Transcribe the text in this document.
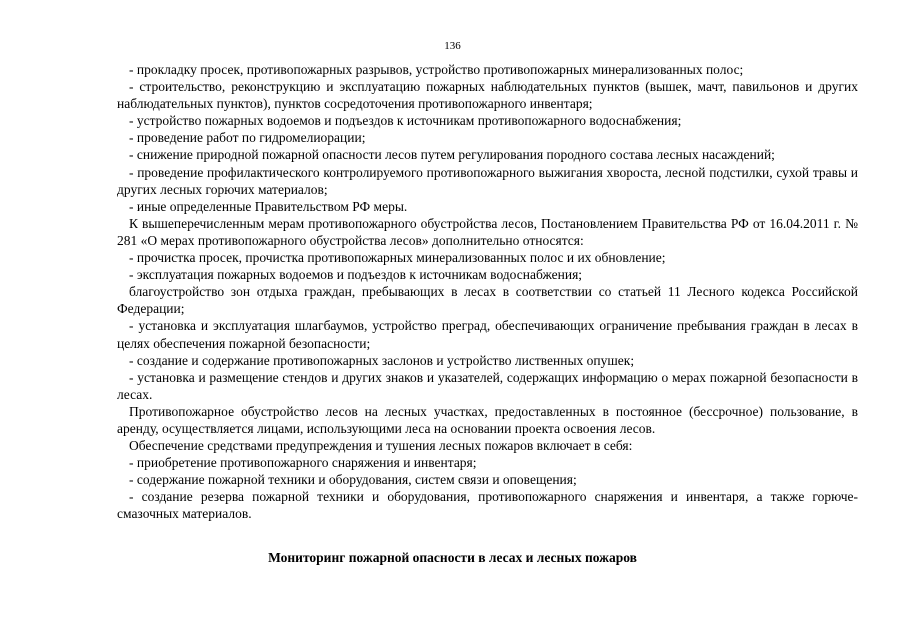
136

- прокладку просек, противопожарных разрывов, устройство противопожарных минерализованных полос;

- строительство, реконструкцию и эксплуатацию пожарных наблюдательных пунктов (вышек, мачт, павильонов и других наблюдательных пунктов), пунктов сосредоточения противопожарного инвентаря;

- устройство пожарных водоемов и подъездов к источникам противопожарного водоснабжения;

- проведение работ по гидромелиорации;

- снижение природной пожарной опасности лесов путем регулирования породного состава лесных насаждений;

- проведение профилактического контролируемого противопожарного выжигания хвороста, лесной подстилки, сухой травы и других лесных горючих материалов;

- иные определенные Правительством РФ меры.

К вышеперечисленным мерам противопожарного обустройства лесов, Постановлением Правительства РФ от 16.04.2011 г. № 281 «О мерах противопожарного обустройства лесов» дополнительно относятся:

- прочистка просек, прочистка противопожарных минерализованных полос и их обновление;

- эксплуатация пожарных водоемов и подъездов к источникам водоснабжения;

благоустройство зон отдыха граждан, пребывающих в лесах в соответствии со статьей 11 Лесного кодекса Российской Федерации;

- установка и эксплуатация шлагбаумов, устройство преград, обеспечивающих ограничение пребывания граждан в лесах в целях обеспечения пожарной безопасности;

- создание и содержание противопожарных заслонов и устройство лиственных опушек;

- установка и размещение стендов и других знаков и указателей, содержащих информацию о мерах пожарной безопасности в лесах.

Противопожарное обустройство лесов на лесных участках, предоставленных в постоянное (бессрочное) пользование, в аренду, осуществляется лицами, использующими леса на основании проекта освоения лесов.

Обеспечение средствами предупреждения и тушения лесных пожаров включает в себя:

- приобретение противопожарного снаряжения и инвентаря;

- содержание пожарной техники и оборудования, систем связи и оповещения;

- создание резерва пожарной техники и оборудования, противопожарного снаряжения и инвентаря, а также горюче-смазочных материалов.

Мониторинг пожарной опасности в лесах и лесных пожаров
